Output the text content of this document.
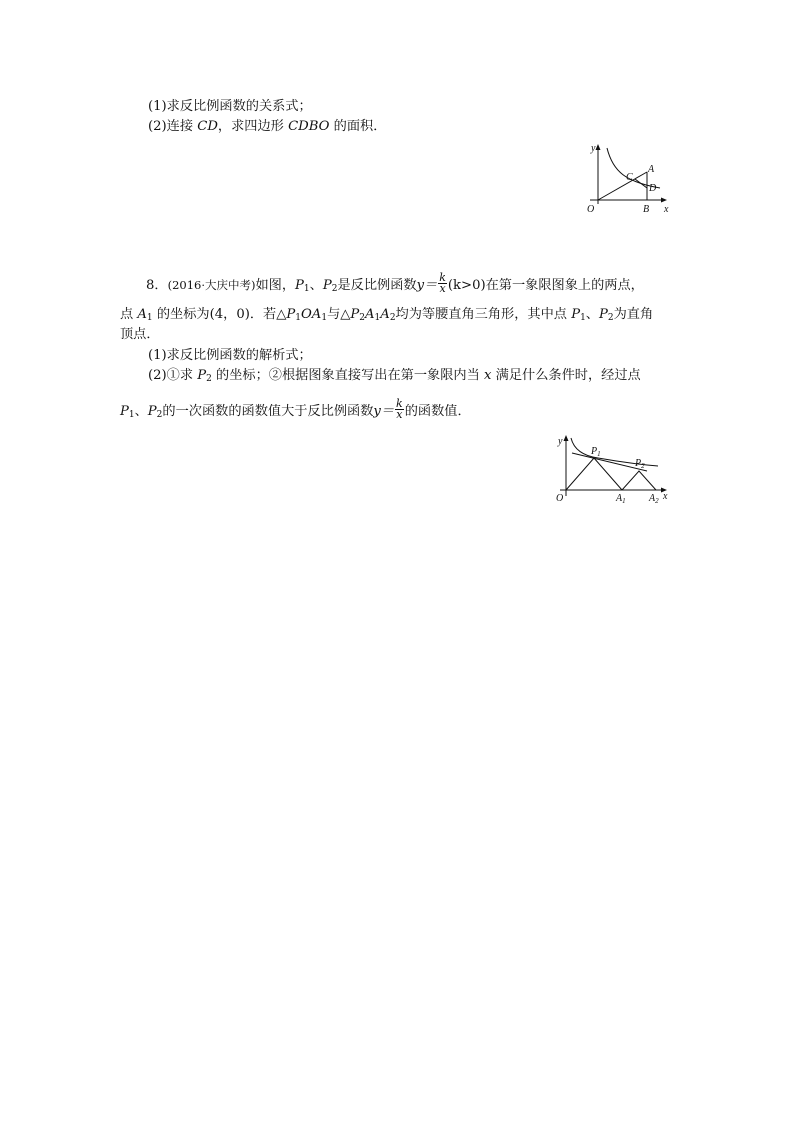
(1)求反比例函数的关系式；
(2)连接 CD，求四边形 CDBO 的面积．
y
x
O
A
B
C
D
8．(2016·大庆中考)如图，$P_1$、$P_2$是反比例函数$y= \frac{k}{x} (k>0)$在第一象限图象上的两点，
点 $A_1$ 的坐标为(4，0)．若$\triangle P_1OA_1$与$\triangle P_2A_1A_2$均为等腰直角三角形，其中点 $P_1$、$P_2$为直角
顶点．
(1)求反比例函数的解析式；
(2)①求 $P_2$ 的坐标；②根据图象直接写出在第一象限内当 x 满足什么条件时，经过点
$P_1$、$P_2$的一次函数的函数值大于反比例函数$y= \frac{k}{x}$ 的函数值．
y
x
O
$P_1$
$P_2$
$A_1$ $A_2$
